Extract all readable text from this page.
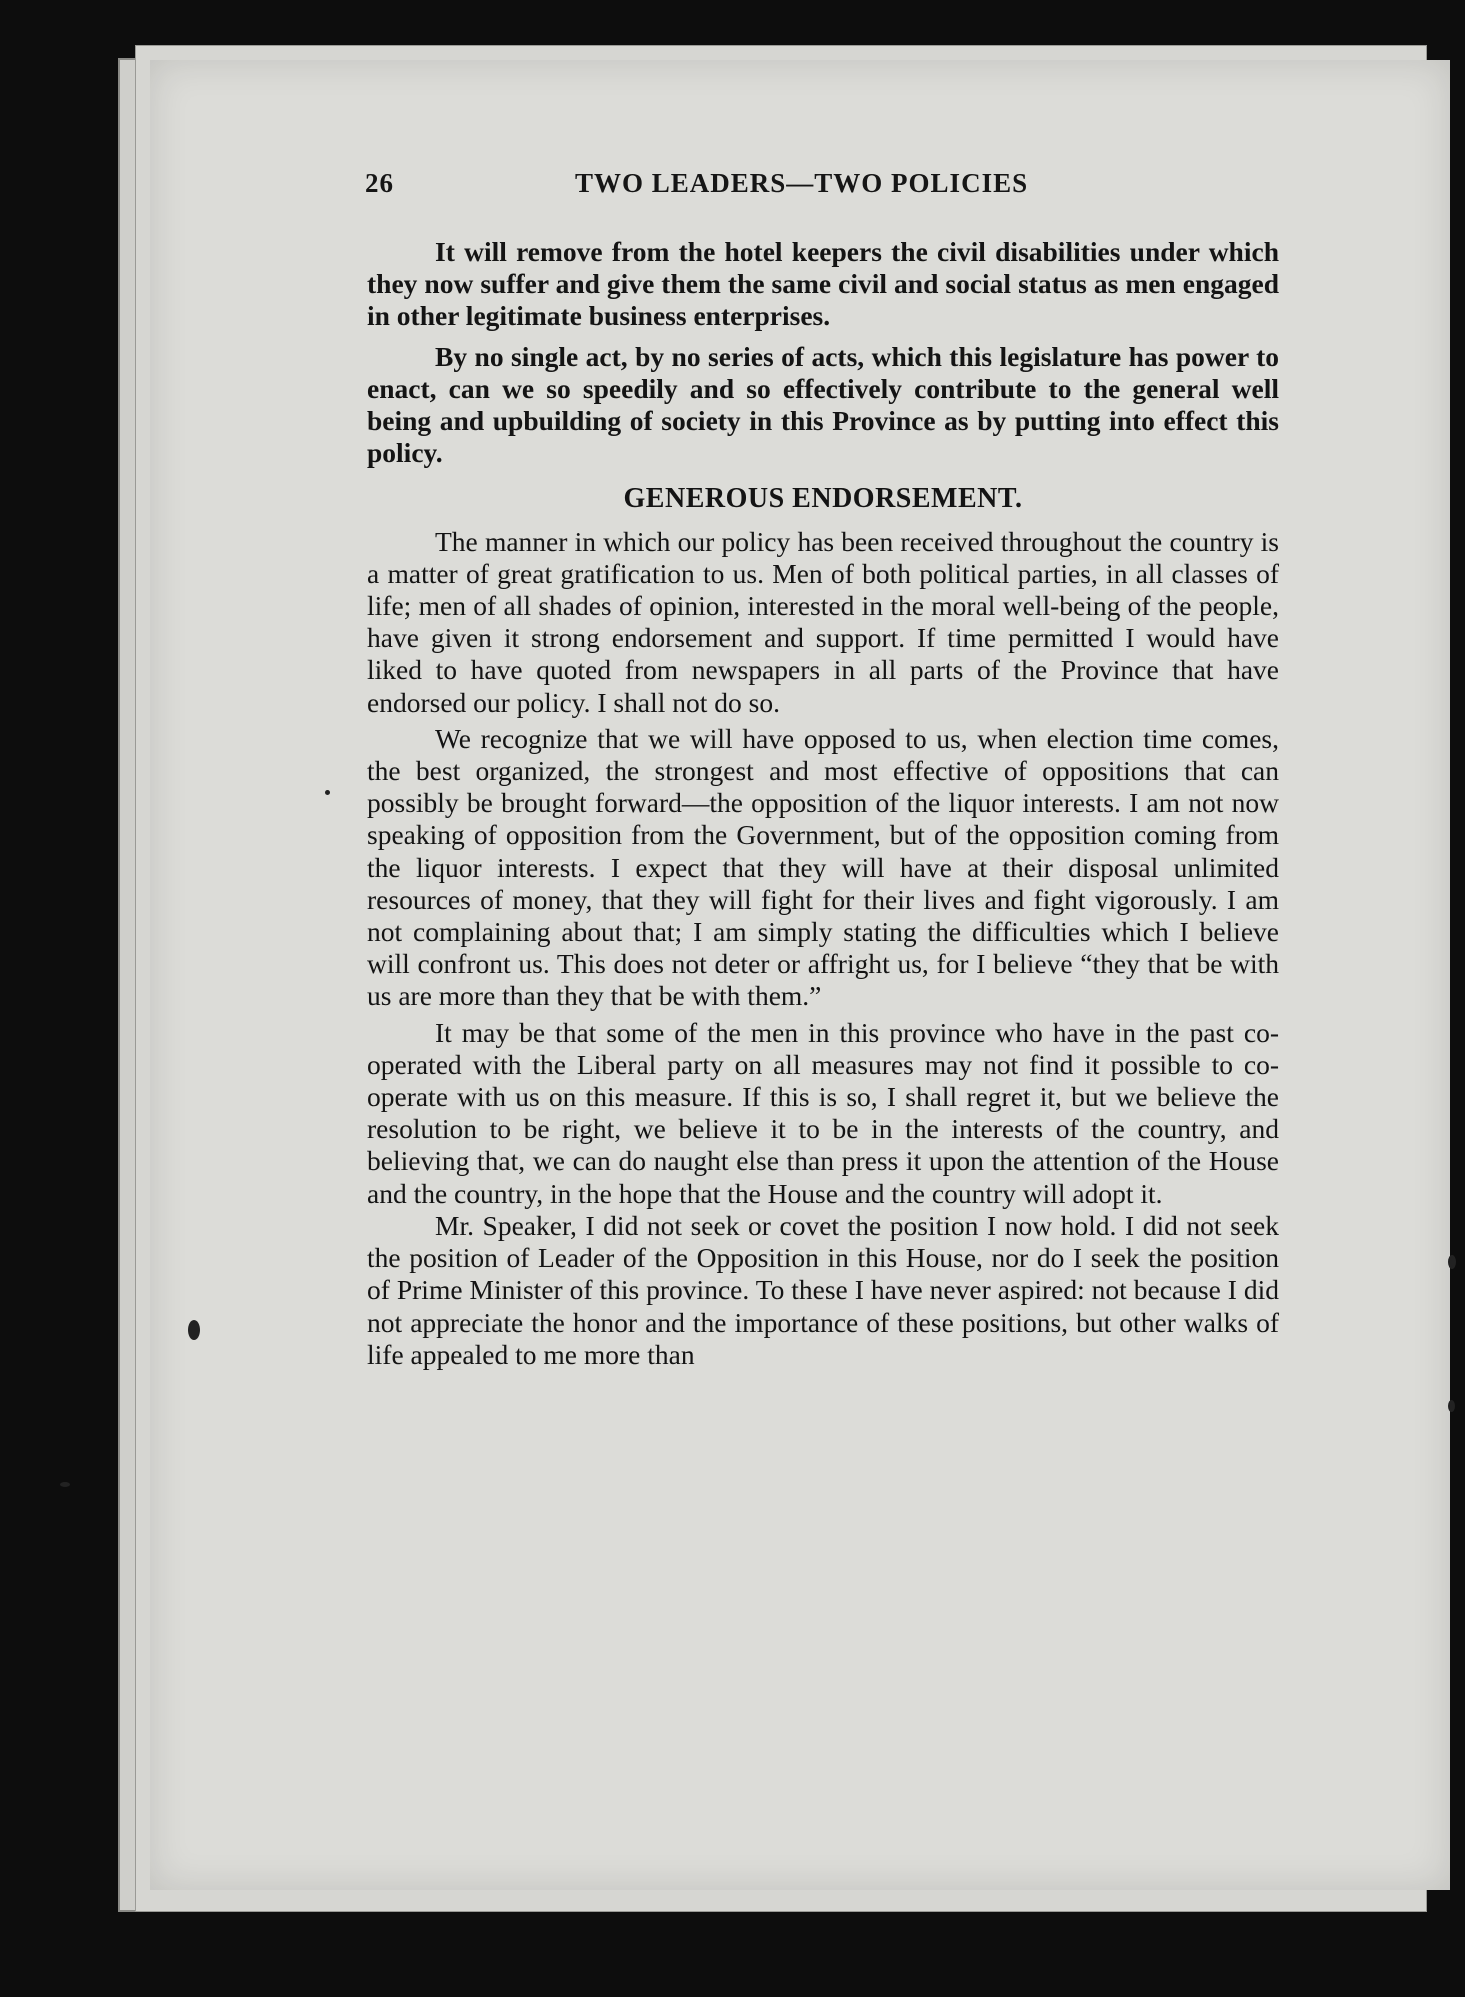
26	TWO LEADERS—TWO POLICIES

It will remove from the hotel keepers the civil disabilities under which they now suffer and give them the same civil and social status as men engaged in other legitimate business enterprises.

By no single act, by no series of acts, which this legislature has power to enact, can we so speedily and so effectively contribute to the general well being and upbuilding of society in this Province as by putting into effect this policy.

GENEROUS ENDORSEMENT.

The manner in which our policy has been received throughout the country is a matter of great gratification to us. Men of both political parties, in all classes of life; men of all shades of opinion, interested in the moral well-being of the people, have given it strong endorsement and support. If time permitted I would have liked to have quoted from newspapers in all parts of the Province that have endorsed our policy. I shall not do so.

We recognize that we will have opposed to us, when election time comes, the best organized, the strongest and most effective of oppositions that can possibly be brought forward—the opposition of the liquor interests. I am not now speaking of opposition from the Government, but of the opposition coming from the liquor interests. I expect that they will have at their disposal unlimited resources of money, that they will fight for their lives and fight vigorously. I am not complaining about that; I am simply stating the difficulties which I believe will confront us. This does not deter or affright us, for I believe “they that be with us are more than they that be with them.”

It may be that some of the men in this province who have in the past co-operated with the Liberal party on all measures may not find it possible to co-operate with us on this measure. If this is so, I shall regret it, but we believe the resolution to be right, we believe it to be in the interests of the country, and believing that, we can do naught else than press it upon the attention of the House and the country, in the hope that the House and the country will adopt it.

Mr. Speaker, I did not seek or covet the position I now hold. I did not seek the position of Leader of the Opposition in this House, nor do I seek the position of Prime Minister of this province. To these I have never aspired: not because I did not appreciate the honor and the importance of these positions, but other walks of life appealed to me more than
